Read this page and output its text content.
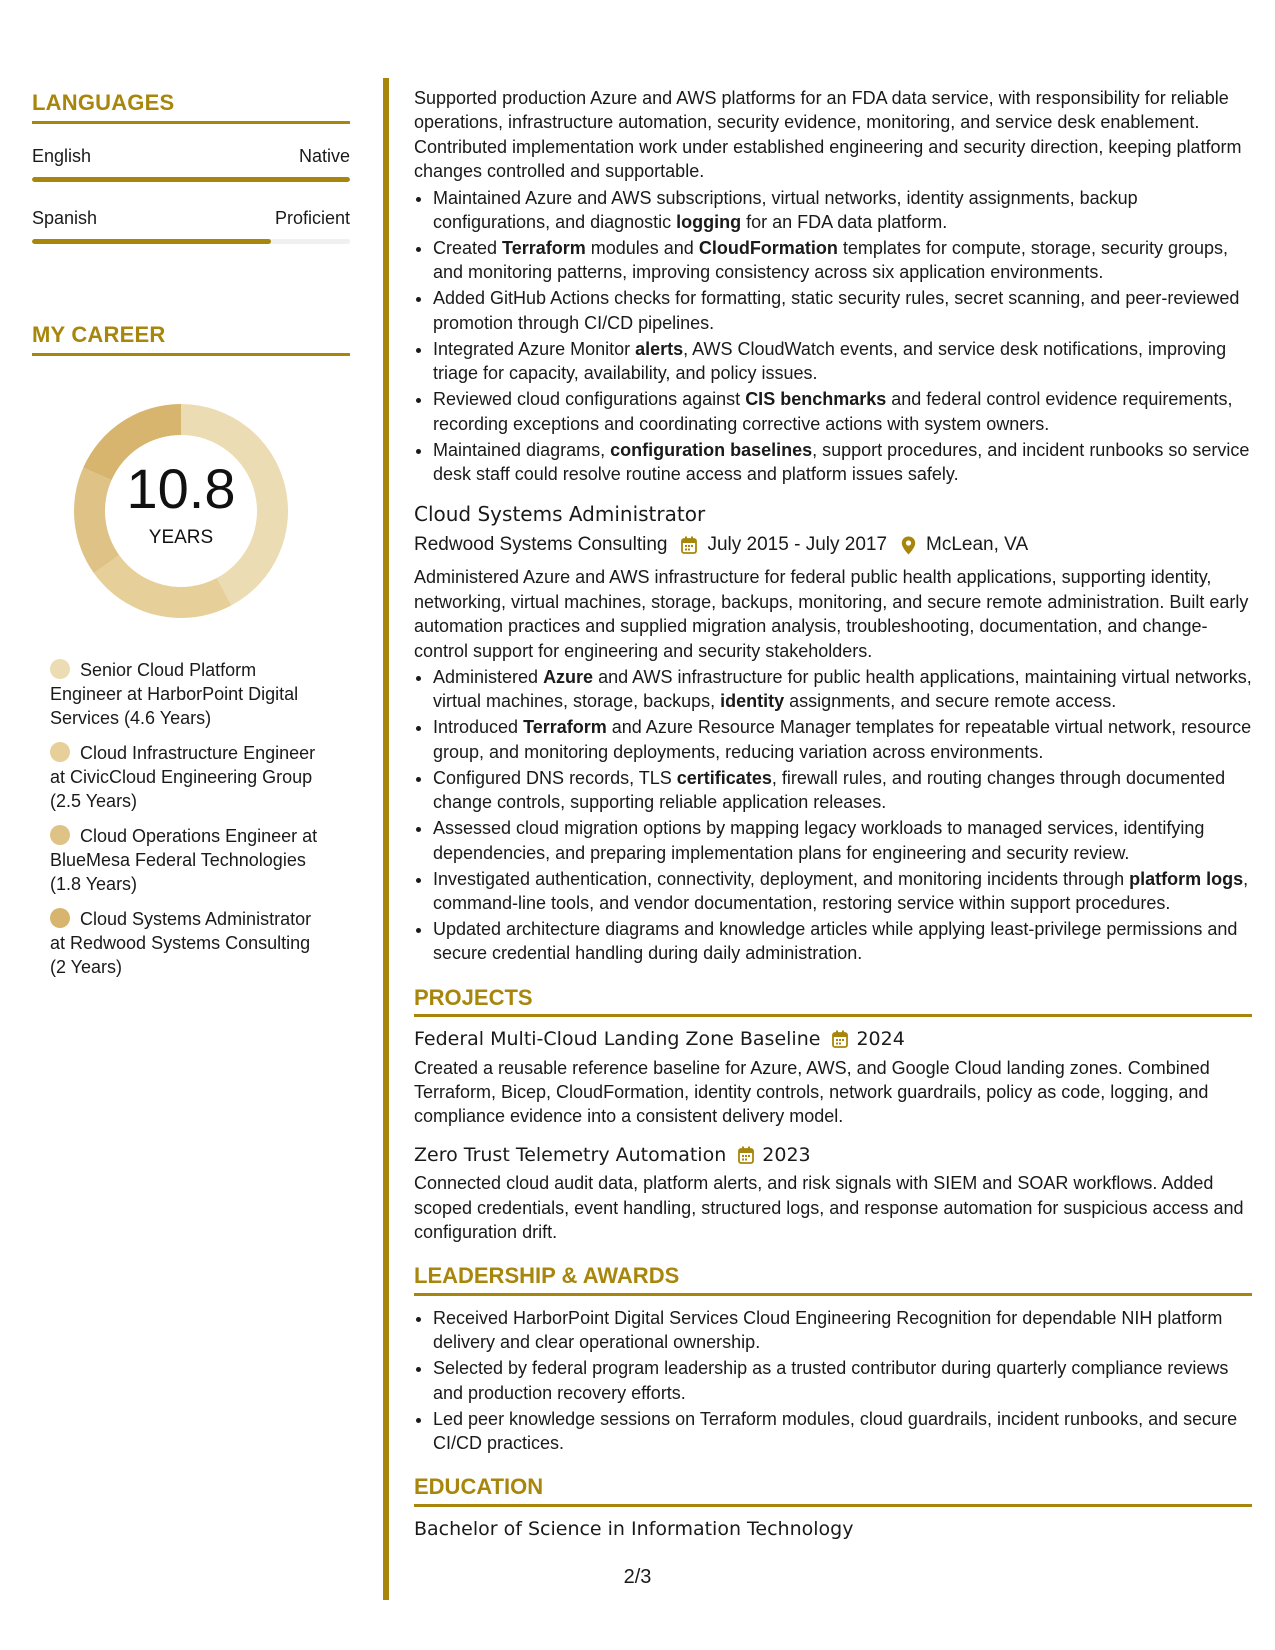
LANGUAGES
English	Native
Spanish	Proficient
MY CAREER
10.8
YEARS
Senior Cloud Platform Engineer at HarborPoint Digital Services (4.6 Years)
Cloud Infrastructure Engineer at CivicCloud Engineering Group (2.5 Years)
Cloud Operations Engineer at BlueMesa Federal Technologies (1.8 Years)
Cloud Systems Administrator at Redwood Systems Consulting (2 Years)

Supported production Azure and AWS platforms for an FDA data service, with responsibility for reliable operations, infrastructure automation, security evidence, monitoring, and service desk enablement. Contributed implementation work under established engineering and security direction, keeping platform changes controlled and supportable.

• Maintained Azure and AWS subscriptions, virtual networks, identity assignments, backup configurations, and diagnostic logging for an FDA data platform.
• Created Terraform modules and CloudFormation templates for compute, storage, security groups, and monitoring patterns, improving consistency across six application environments.
• Added GitHub Actions checks for formatting, static security rules, secret scanning, and peer-reviewed promotion through CI/CD pipelines.
• Integrated Azure Monitor alerts, AWS CloudWatch events, and service desk notifications, improving triage for capacity, availability, and policy issues.
• Reviewed cloud configurations against CIS benchmarks and federal control evidence requirements, recording exceptions and coordinating corrective actions with system owners.
• Maintained diagrams, configuration baselines, support procedures, and incident runbooks so service desk staff could resolve routine access and platform issues safely.
Cloud Systems Administrator
Redwood Systems Consulting July 2015 - July 2017 McLean, VA

Administered Azure and AWS infrastructure for federal public health applications, supporting identity, networking, virtual machines, storage, backups, monitoring, and secure remote administration. Built early automation practices and supplied migration analysis, troubleshooting, documentation, and change-control support for engineering and security stakeholders.

• Administered Azure and AWS infrastructure for public health applications, maintaining virtual networks, virtual machines, storage, backups, identity assignments, and secure remote access.
• Introduced Terraform and Azure Resource Manager templates for repeatable virtual network, resource group, and monitoring deployments, reducing variation across environments.
• Configured DNS records, TLS certificates, firewall rules, and routing changes through documented change controls, supporting reliable application releases.
• Assessed cloud migration options by mapping legacy workloads to managed services, identifying dependencies, and preparing implementation plans for engineering and security review.
• Investigated authentication, connectivity, deployment, and monitoring incidents through platform logs, command-line tools, and vendor documentation, restoring service within support procedures.
• Updated architecture diagrams and knowledge articles while applying least-privilege permissions and secure credential handling during daily administration.
PROJECTS
Federal Multi-Cloud Landing Zone Baseline 2024

Created a reusable reference baseline for Azure, AWS, and Google Cloud landing zones. Combined Terraform, Bicep, CloudFormation, identity controls, network guardrails, policy as code, logging, and compliance evidence into a consistent delivery model.

Zero Trust Telemetry Automation 2023

Connected cloud audit data, platform alerts, and risk signals with SIEM and SOAR workflows. Added scoped credentials, event handling, structured logs, and response automation for suspicious access and configuration drift.

LEADERSHIP & AWARDS
• Received HarborPoint Digital Services Cloud Engineering Recognition for dependable NIH platform delivery and clear operational ownership.
• Selected by federal program leadership as a trusted contributor during quarterly compliance reviews and production recovery efforts.
• Led peer knowledge sessions on Terraform modules, cloud guardrails, incident runbooks, and secure CI/CD practices.
EDUCATION
Bachelor of Science in Information Technology
2/3
